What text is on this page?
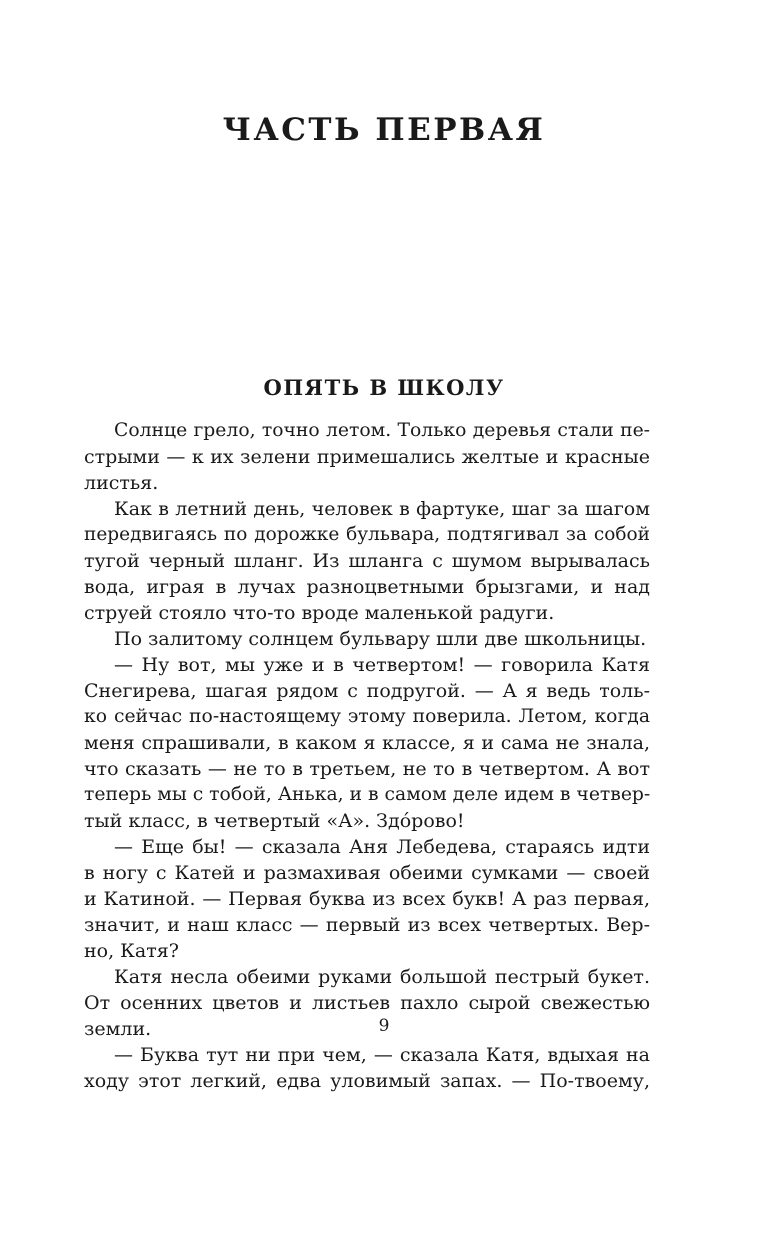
ЧАСТЬ ПЕРВАЯ
ОПЯТЬ В ШКОЛУ
Солнце грело, точно летом. Только деревья стали пе-
стрыми — к их зелени примешались желтые и красные
листья.
Как в летний день, человек в фартуке, шаг за шагом
передвигаясь по дорожке бульвара, подтягивал за собой
тугой черный шланг. Из шланга с шумом вырывалась
вода, играя в лучах разноцветными брызгами, и над
струей стояло что-то вроде маленькой радуги.
По залитому солнцем бульвару шли две школьницы.
— Ну вот, мы уже и в четвертом! — говорила Катя
Снегирева, шагая рядом с подругой. — А я ведь толь-
ко сейчас по-настоящему этому поверила. Летом, когда
меня спрашивали, в каком я классе, я и сама не знала,
что сказать — не то в третьем, не то в четвертом. А вот
теперь мы с тобой, Анька, и в самом деле идем в четвер-
тый класс, в четвертый «А». Здóрово!
— Еще бы! — сказала Аня Лебедева, стараясь идти
в ногу с Катей и размахивая обеими сумками — своей
и Катиной. — Первая буква из всех букв! А раз первая,
значит, и наш класс — первый из всех четвертых. Вер-
но, Катя?
Катя несла обеими руками большой пестрый букет.
От осенних цветов и листьев пахло сырой свежестью
земли.
— Буква тут ни при чем, — сказала Катя, вдыхая на
ходу этот легкий, едва уловимый запах. — По-твоему,
9
